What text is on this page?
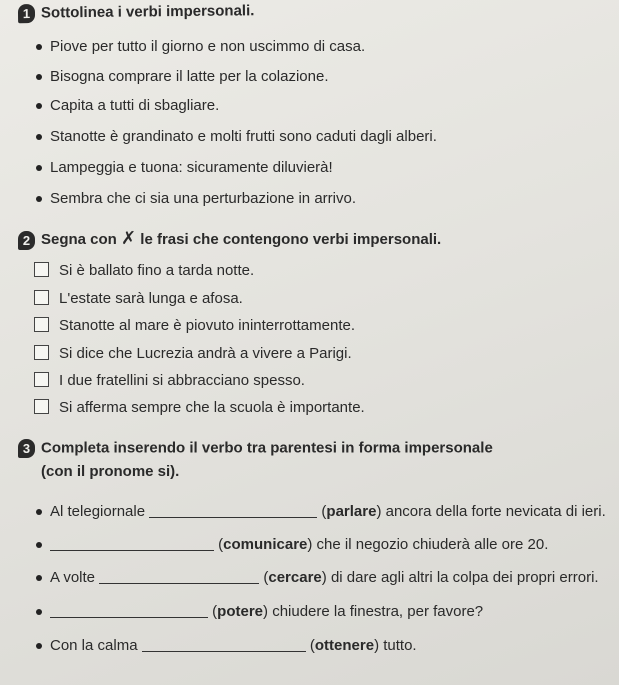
1 Sottolinea i verbi impersonali.
Piove per tutto il giorno e non uscimmo di casa.
Bisogna comprare il latte per la colazione.
Capita a tutti di sbagliare.
Stanotte è grandinato e molti frutti sono caduti dagli alberi.
Lampeggia e tuona: sicuramente diluvierà!
Sembra che ci sia una perturbazione in arrivo.
2 Segna con ✗ le frasi che contengono verbi impersonali.
Si è ballato fino a tarda notte.
L'estate sarà lunga e afosa.
Stanotte al mare è piovuto ininterrottamente.
Si dice che Lucrezia andrà a vivere a Parigi.
I due fratellini si abbracciano spesso.
Si afferma sempre che la scuola è importante.
3 Completa inserendo il verbo tra parentesi in forma impersonale
(con il pronome si).
Al telegiornale	(parlare) ancora della forte nevicata di ieri.
(comunicare) che il negozio chiuderà alle ore 20.
A volte	(cercare) di dare agli altri la colpa dei propri errori.
(potere) chiudere la finestra, per favore?
Con la calma	(ottenere) tutto.
